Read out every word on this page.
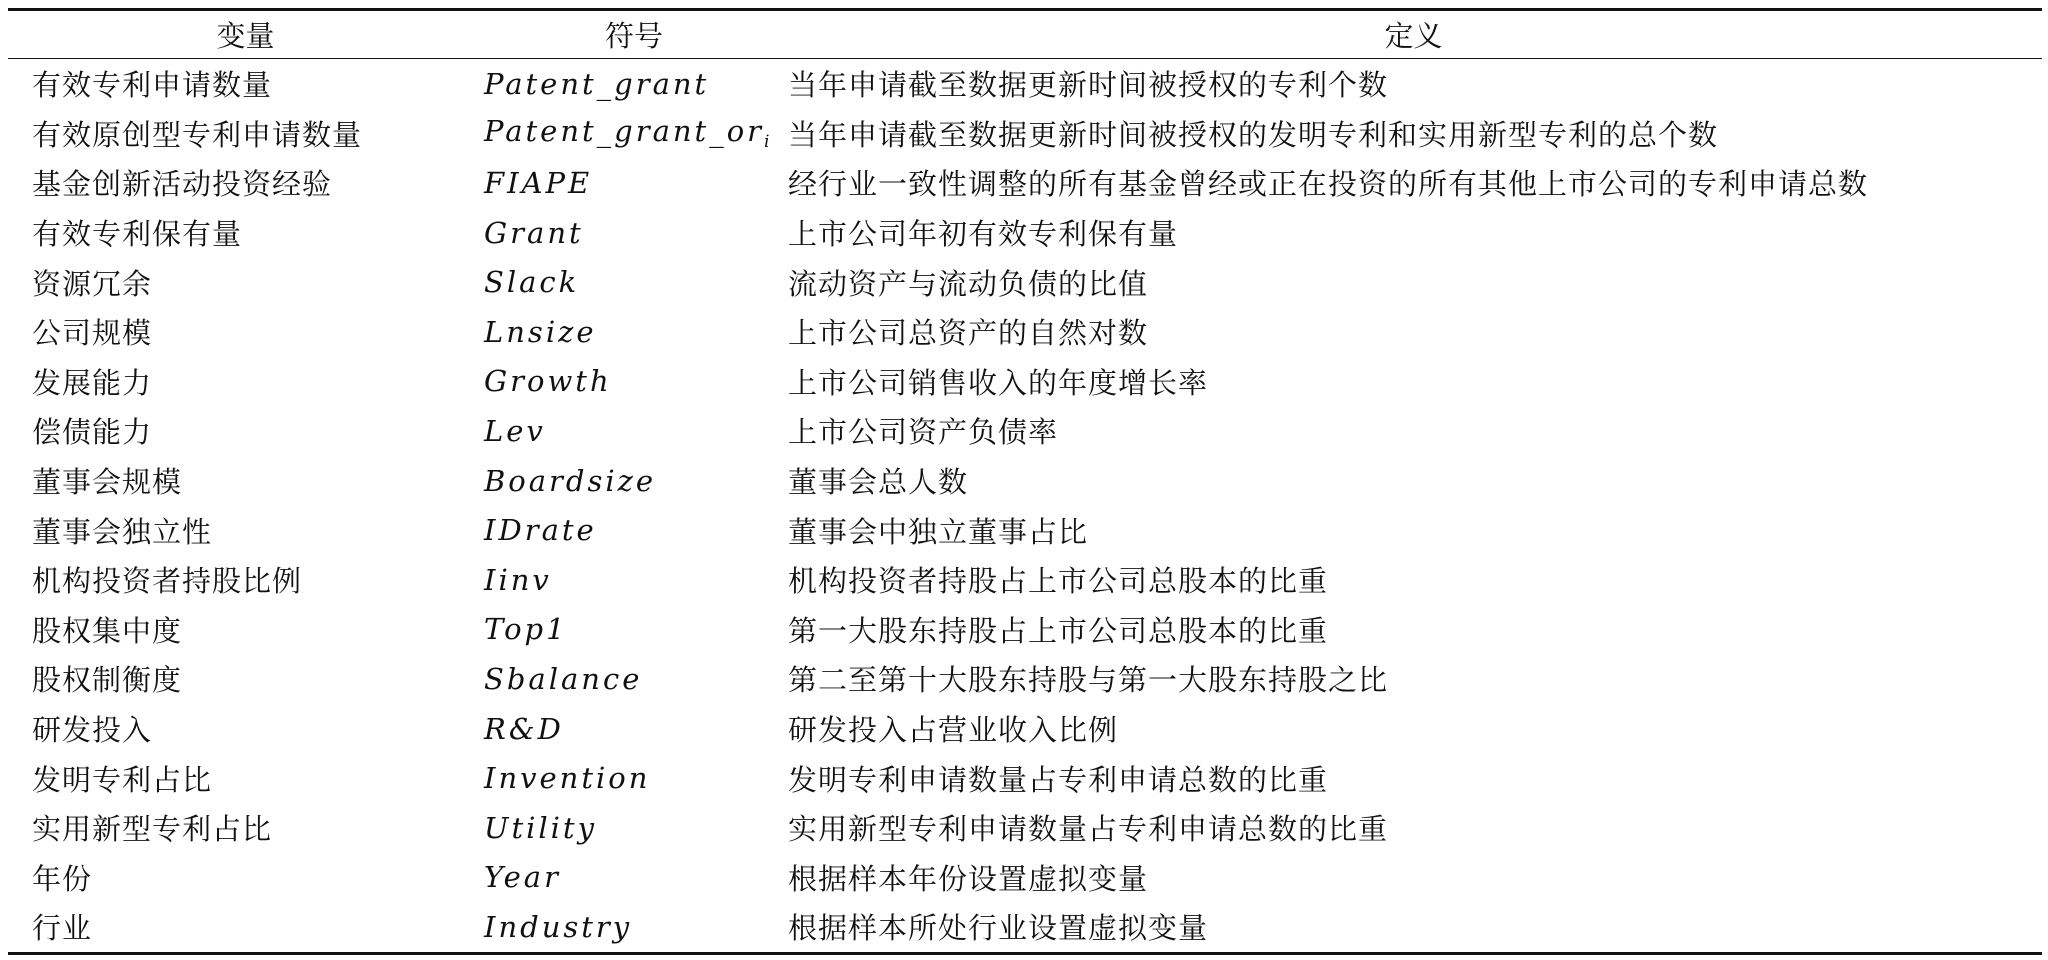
变量	符号	定义
有效专利申请数量	Patent_grant	当年申请截至数据更新时间被授权的专利个数
有效原创型专利申请数量	$Patent\_grant\_or_i$	当年申请截至数据更新时间被授权的发明专利和实用新型专利的总个数
基金创新活动投资经验	FIAPE	经行业一致性调整的所有基金曾经或正在投资的所有其他上市公司的专利申请总数
有效专利保有量	Grant	上市公司年初有效专利保有量
资源冗余	Slack	流动资产与流动负债的比值
公司规模	Lnsize	上市公司总资产的自然对数
发展能力	Growth	上市公司销售收入的年度增长率
偿债能力	Lev	上市公司资产负债率
董事会规模	Boardsize	董事会总人数
董事会独立性	IDrate	董事会中独立董事占比
机构投资者持股比例	Iinv	机构投资者持股占上市公司总股本的比重
股权集中度	Top1	第一大股东持股占上市公司总股本的比重
股权制衡度	Sbalance	第二至第十大股东持股与第一大股东持股之比
研发投入	R&D	研发投入占营业收入比例
发明专利占比	Invention	发明专利申请数量占专利申请总数的比重
实用新型专利占比	Utility	实用新型专利申请数量占专利申请总数的比重
年份	Year	根据样本年份设置虚拟变量
行业	Industry	根据样本所处行业设置虚拟变量
